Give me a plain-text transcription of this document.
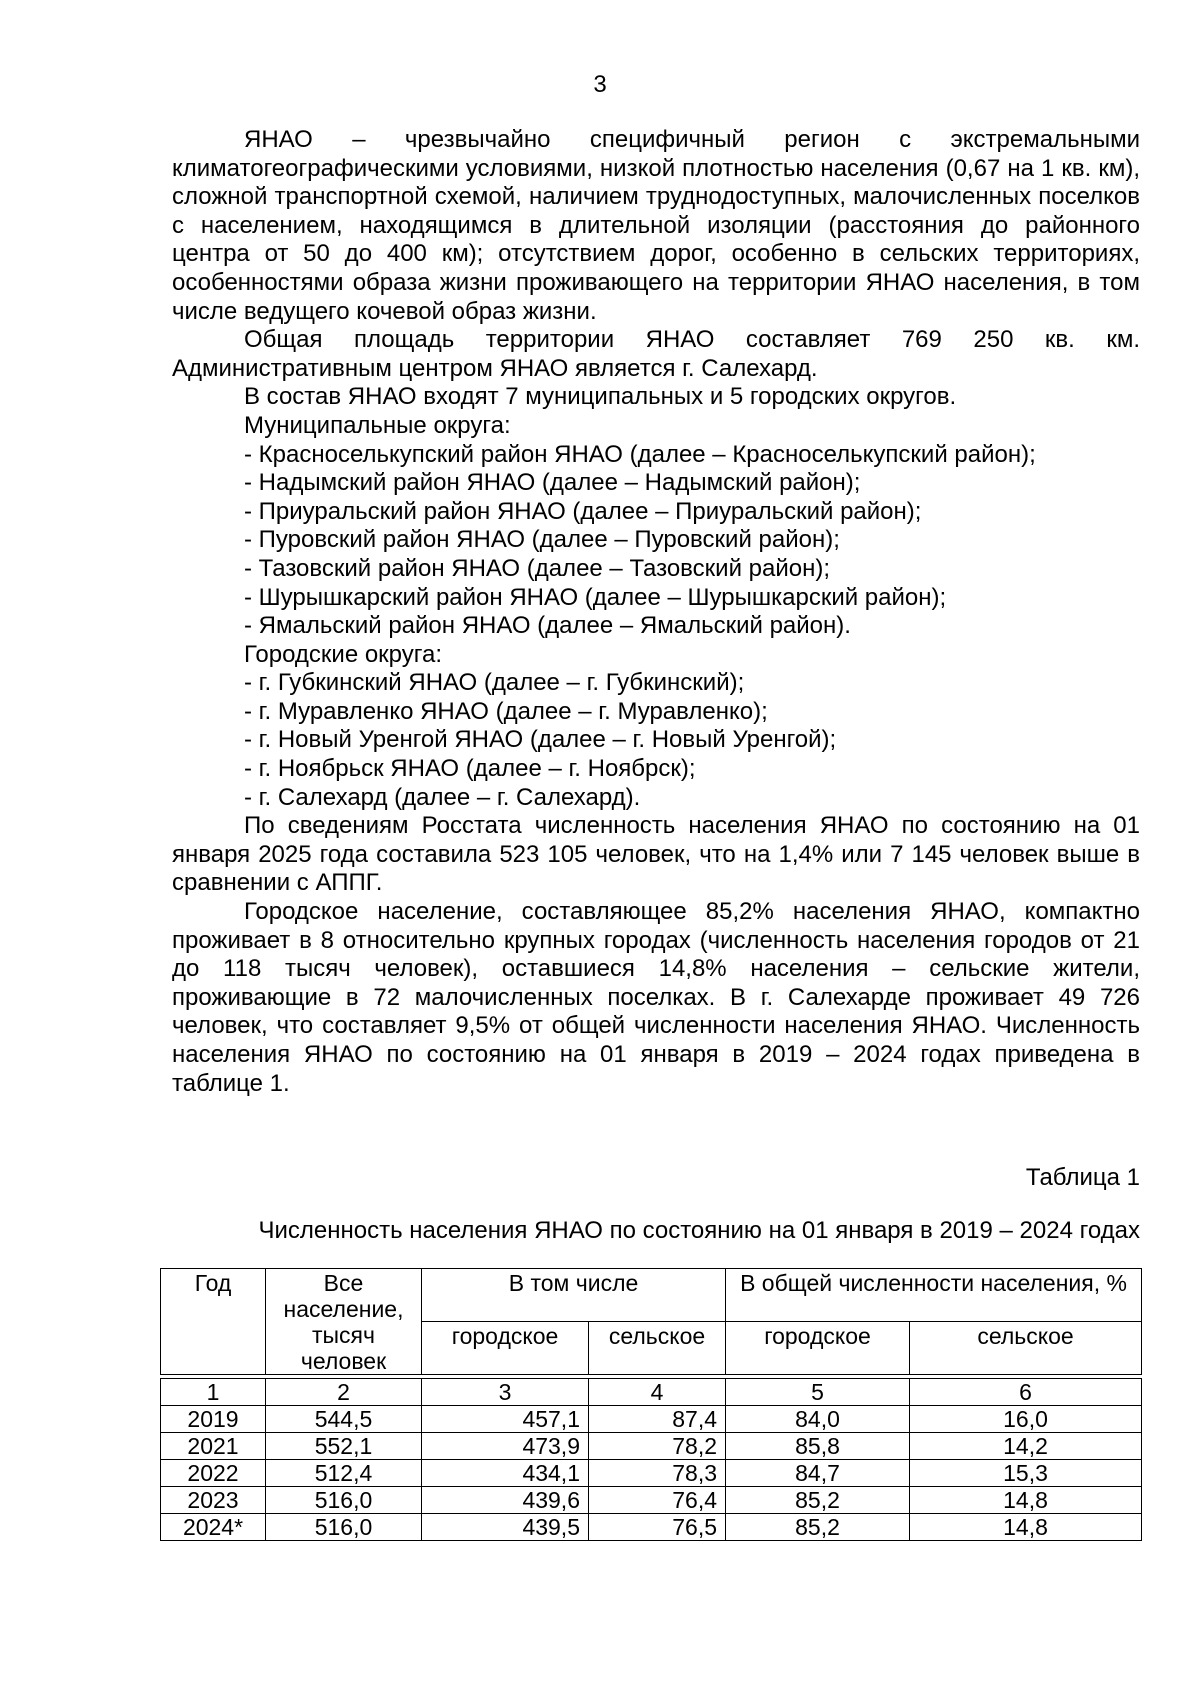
3

ЯНАО – чрезвычайно специфичный регион с экстремальными климатогеографическими условиями, низкой плотностью населения (0,67 на 1 кв. км), сложной транспортной схемой, наличием труднодоступных, малочисленных поселков с населением, находящимся в длительной изоляции (расстояния до районного центра от 50 до 400 км); отсутствием дорог, особенно в сельских территориях, особенностями образа жизни проживающего на территории ЯНАО населения, в том числе ведущего кочевой образ жизни.

Общая площадь территории ЯНАО составляет 769 250 кв. км. Административным центром ЯНАО является г. Салехард.

В состав ЯНАО входят 7 муниципальных и 5 городских округов.

Муниципальные округа:

- Красноселькупский район ЯНАО (далее – Красноселькупский район);

- Надымский район ЯНАО (далее – Надымский район);

- Приуральский район ЯНАО (далее – Приуральский район);

- Пуровский район ЯНАО (далее – Пуровский район);

- Тазовский район ЯНАО (далее – Тазовский район);

- Шурышкарский район ЯНАО (далее – Шурышкарский район);

- Ямальский район ЯНАО (далее – Ямальский район).

Городские округа:

- г. Губкинский ЯНАО (далее – г. Губкинский);

- г. Муравленко ЯНАО (далее – г. Муравленко);

- г. Новый Уренгой ЯНАО (далее – г. Новый Уренгой);

- г. Ноябрьск ЯНАО (далее – г. Ноябрск);

- г. Салехард (далее – г. Салехард).

По сведениям Росстата численность населения ЯНАО по состоянию на 01 января 2025 года составила 523 105 человек, что на 1,4% или 7 145 человек выше в сравнении с АППГ.

Городское население, составляющее 85,2% населения ЯНАО, компактно проживает в 8 относительно крупных городах (численность населения городов от 21 до 118 тысяч человек), оставшиеся 14,8% населения – сельские жители, проживающие в 72 малочисленных поселках. В г. Салехарде проживает 49 726 человек, что составляет 9,5% от общей численности населения ЯНАО. Численность населения ЯНАО по состоянию на 01 января в 2019 – 2024 годах приведена в таблице 1.

Таблица 1
Численность населения ЯНАО по состоянию на 01 января в 2019 – 2024 годах
Год	Все население, тысяч человек	В том числе		В общей численности населения, %	
		городское	сельское	городское	сельское

1	2	3	4	5	6
2019	544,5	457,1	87,4	84,0	16,0
2021	552,1	473,9	78,2	85,8	14,2
2022	512,4	434,1	78,3	84,7	15,3
2023	516,0	439,6	76,4	85,2	14,8
2024*	516,0	439,5	76,5	85,2	14,8
